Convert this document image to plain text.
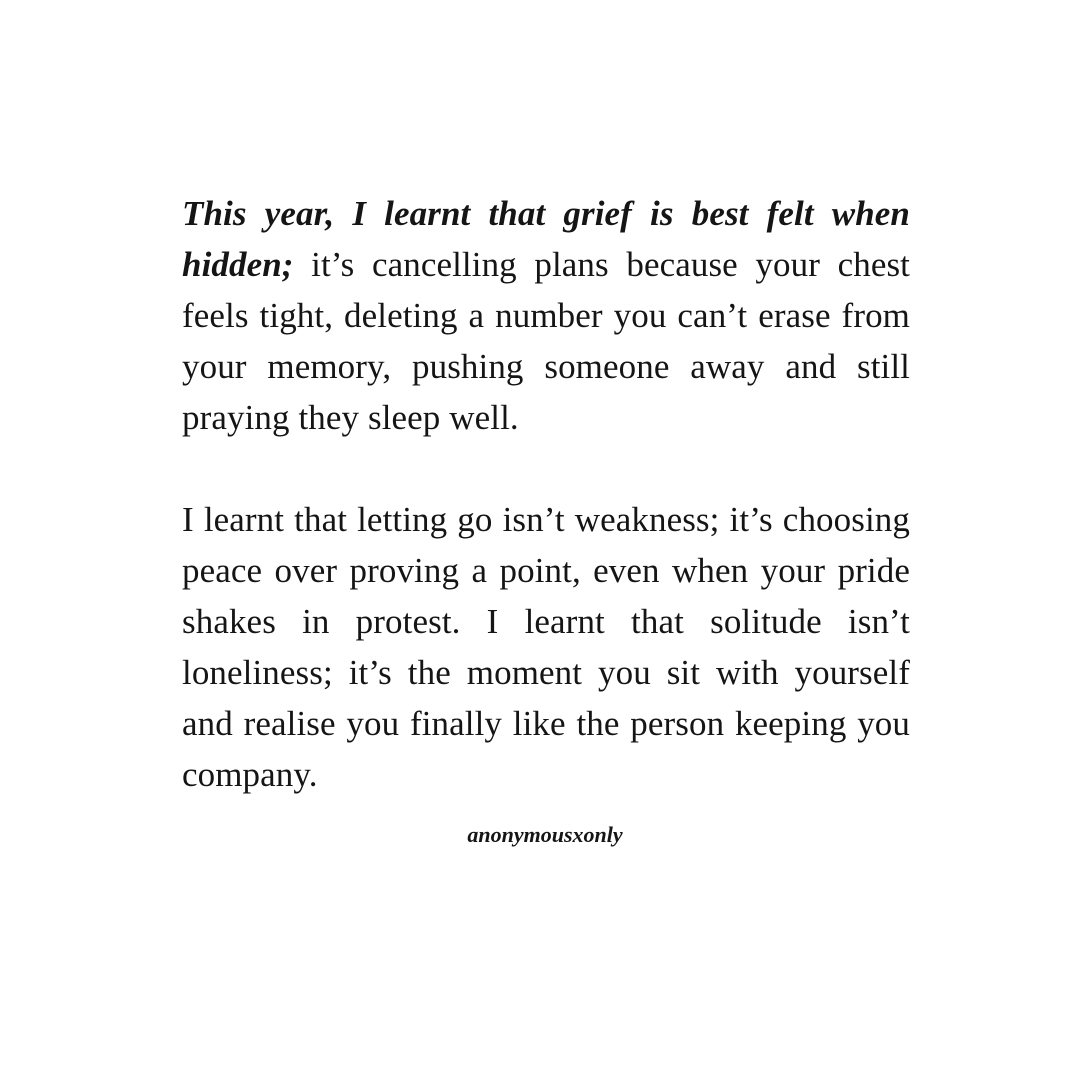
This year, I learnt that grief is best felt when hidden; it’s cancelling plans because your chest feels tight, deleting a number you can’t erase from your memory, pushing someone away and still praying they sleep well.

I learnt that letting go isn’t weakness; it’s choosing peace over proving a point, even when your pride shakes in protest. I learnt that solitude isn’t loneliness; it’s the moment you sit with yourself and realise you finally like the person keeping you company.

anonymousxonly
